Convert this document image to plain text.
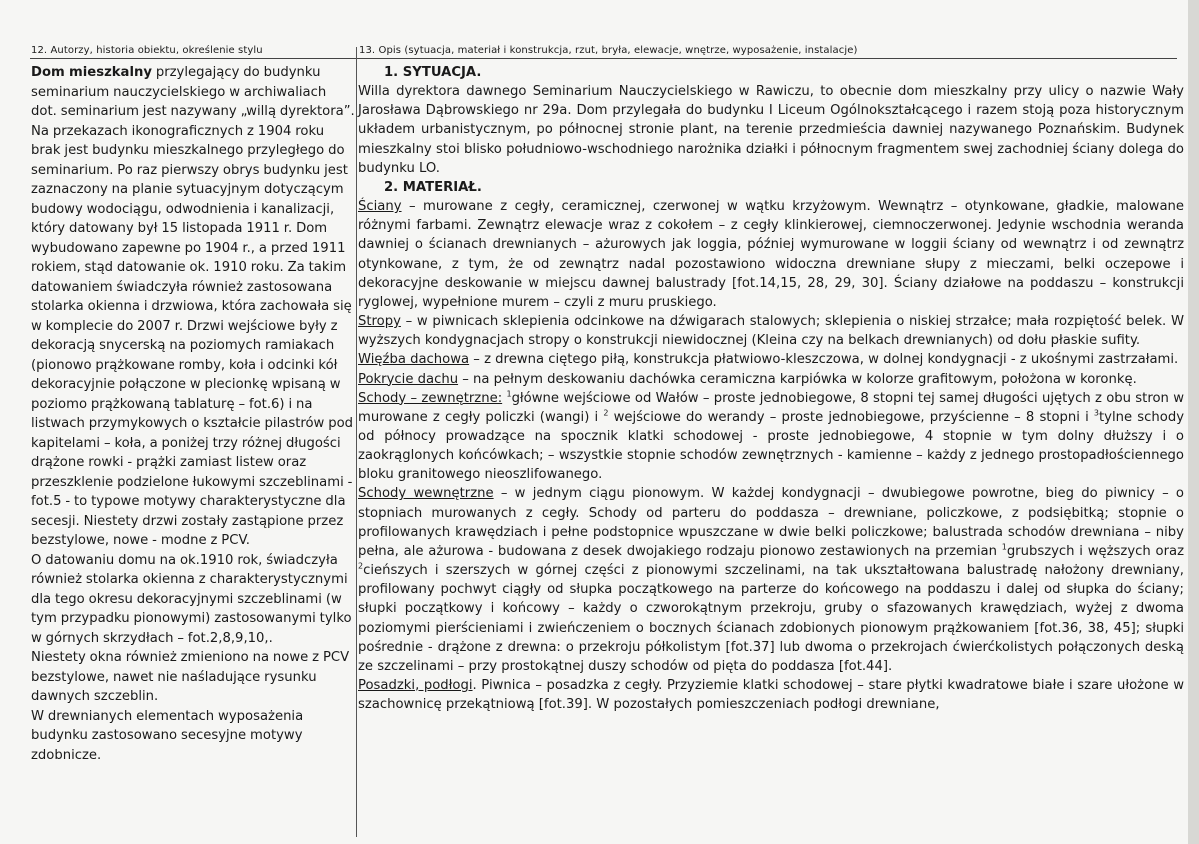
12. Autorzy, historia obiektu, określenie stylu	13. Opis (sytuacja, materiał i konstrukcja, rzut, bryła, elewacje, wnętrze, wyposażenie, instalacje)

Dom mieszkalny przylegający do budynku seminarium nauczycielskiego w archiwaliach dot. seminarium jest nazywany „willą dyrektora”. Na przekazach ikonograficznych z 1904 roku brak jest budynku mieszkalnego przyległego do seminarium. Po raz pierwszy obrys budynku jest zaznaczony na planie sytuacyjnym dotyczącym budowy wodociągu, odwodnienia i kanalizacji, który datowany był 15 listopada 1911 r. Dom wybudowano zapewne po 1904 r., a przed 1911 rokiem, stąd datowanie ok. 1910 roku. Za takim datowaniem świadczyła również zastosowana stolarka okienna i drzwiowa, która zachowała się w komplecie do 2007 r. Drzwi wejściowe były z dekoracją snycerską na poziomych ramiakach (pionowo prążkowane romby, koła i odcinki kół dekoracyjnie połączone w plecionkę wpisaną w poziomo prążkowaną tablaturę – fot.6) i na listwach przymykowych o kształcie pilastrów pod kapitelami – koła, a poniżej trzy różnej długości drążone rowki - prążki zamiast listew oraz przeszklenie podzielone łukowymi szczeblinami - fot.5 - to typowe motywy charakterystyczne dla secesji. Niestety drzwi zostały zastąpione przez bezstylowe, nowe - modne z PCV.

O datowaniu domu na ok.1910 rok, świadczyła również stolarka okienna z charakterystycznymi dla tego okresu dekoracyjnymi szczeblinami (w tym przypadku pionowymi) zastosowanymi tylko w górnych skrzydłach – fot.2,8,9,10,.

Niestety okna również zmieniono na nowe z PCV bezstylowe, nawet nie naśladujące rysunku dawnych szczeblin.

W drewnianych elementach wyposażenia budynku zastosowano secesyjne motywy zdobnicze.

1. SYTUACJA.

Willa dyrektora dawnego Seminarium Nauczycielskiego w Rawiczu, to obecnie dom mieszkalny przy ulicy o nazwie Wały Jarosława Dąbrowskiego nr 29a. Dom przylegała do budynku I Liceum Ogólnokształcącego i razem stoją poza historycznym układem urbanistycznym, po północnej stronie plant, na terenie przedmieścia dawniej nazywanego Poznańskim. Budynek mieszkalny stoi blisko południowo-wschodniego narożnika działki i północnym fragmentem swej zachodniej ściany dolega do budynku LO.

2. MATERIAŁ.

Ściany – murowane z cegły, ceramicznej, czerwonej w wątku krzyżowym. Wewnątrz – otynkowane, gładkie, malowane różnymi farbami. Zewnątrz elewacje wraz z cokołem – z cegły klinkierowej, ciemnoczerwonej. Jedynie wschodnia weranda dawniej o ścianach drewnianych – ażurowych jak loggia, później wymurowane w loggii ściany od wewnątrz i od zewnątrz otynkowane, z tym, że od zewnątrz nadal pozostawiono widoczna drewniane słupy z mieczami, belki oczepowe i dekoracyjne deskowanie w miejscu dawnej balustrady [fot.14,15, 28, 29, 30]. Ściany działowe na poddaszu – konstrukcji ryglowej, wypełnione murem – czyli z muru pruskiego.

Stropy – w piwnicach sklepienia odcinkowe na dźwigarach stalowych; sklepienia o niskiej strzałce; mała rozpiętość belek. W wyższych kondygnacjach stropy o konstrukcji niewidocznej (Kleina czy na belkach drewnianych) od dołu płaskie sufity.

Więźba dachowa – z drewna ciętego piłą, konstrukcja płatwiowo-kleszczowa, w dolnej kondygnacji - z ukośnymi zastrzałami.

Pokrycie dachu – na pełnym deskowaniu dachówka ceramiczna karpiówka w kolorze grafitowym, położona w koronkę.

Schody – zewnętrzne: $^1$główne wejściowe od Wałów – proste jednobiegowe, 8 stopni tej samej długości ujętych z obu stron w murowane z cegły policzki (wangi) i $^2$ wejściowe do werandy – proste jednobiegowe, przyścienne – 8 stopni i $^3$tylne schody od północy prowadzące na spocznik klatki schodowej - proste jednobiegowe, 4 stopnie w tym dolny dłuższy i o zaokrąglonych końcówkach; – wszystkie stopnie schodów zewnętrznych - kamienne – każdy z jednego prostopadłościennego bloku granitowego nieoszlifowanego.

Schody wewnętrzne – w jednym ciągu pionowym. W każdej kondygnacji – dwubiegowe powrotne, bieg do piwnicy – o stopniach murowanych z cegły. Schody od parteru do poddasza – drewniane, policzkowe, z podsiębitką; stopnie o profilowanych krawędziach i pełne podstopnice wpuszczane w dwie belki policzkowe; balustrada schodów drewniana – niby pełna, ale ażurowa - budowana z desek dwojakiego rodzaju pionowo zestawionych na przemian $^1$grubszych i węższych oraz $^2$cieńszych i szerszych w górnej części z pionowymi szczelinami, na tak ukształtowana balustradę nałożony drewniany, profilowany pochwyt ciągły od słupka początkowego na parterze do końcowego na poddaszu i dalej od słupka do ściany; słupki początkowy i końcowy – każdy o czworokątnym przekroju, gruby o sfazowanych krawędziach, wyżej z dwoma poziomymi pierścieniami i zwieńczeniem o bocznych ścianach zdobionych pionowym prążkowaniem [fot.36, 38, 45]; słupki pośrednie - drążone z drewna: o przekroju półkolistym [fot.37] lub dwoma o przekrojach ćwierćkolistych połączonych deską ze szczelinami – przy prostokątnej duszy schodów od pięta do poddasza [fot.44].

Posadzki, podłogi. Piwnica – posadzka z cegły. Przyziemie klatki schodowej – stare płytki kwadratowe białe i szare ułożone w szachownicę przekątniową [fot.39]. W pozostałych pomieszczeniach podłogi drewniane,
